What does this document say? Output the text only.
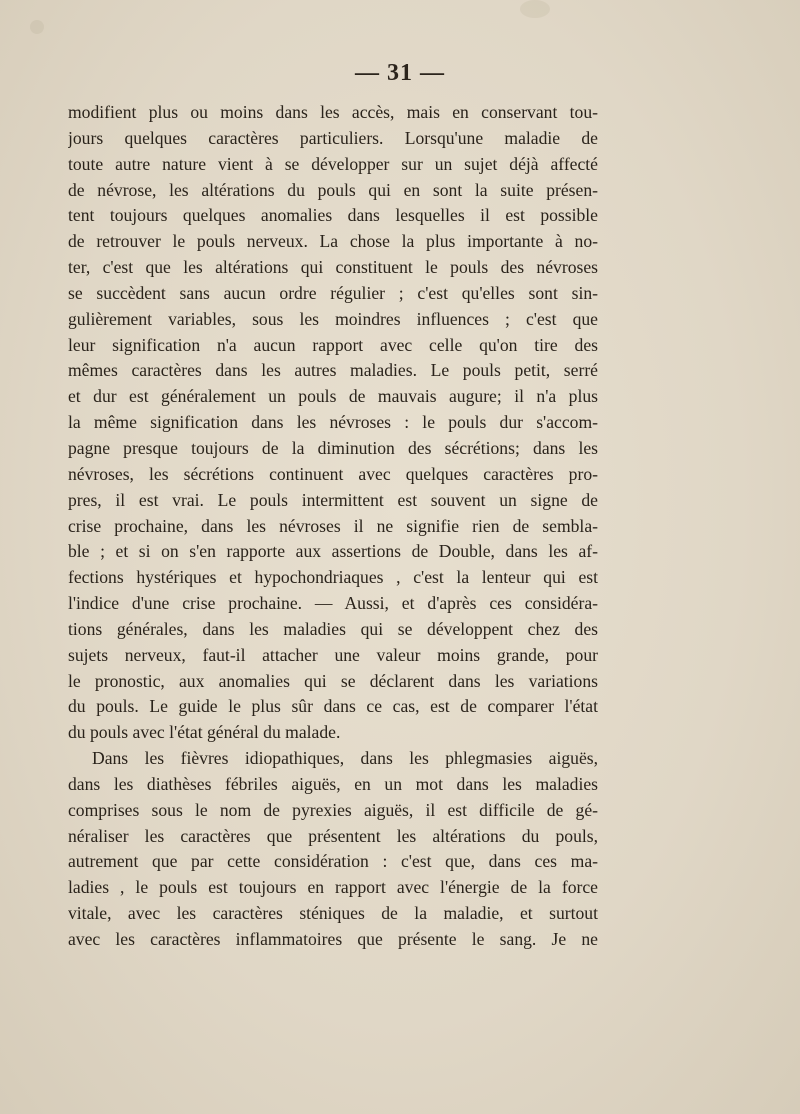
— 31 —
modifient plus ou moins dans les accès, mais en conservant tou-
jours quelques caractères particuliers. Lorsqu'une maladie de
toute autre nature vient à se développer sur un sujet déjà affecté
de névrose, les altérations du pouls qui en sont la suite présen-
tent toujours quelques anomalies dans lesquelles il est possible
de retrouver le pouls nerveux. La chose la plus importante à no-
ter, c'est que les altérations qui constituent le pouls des névroses
se succèdent sans aucun ordre régulier ; c'est qu'elles sont sin-
gulièrement variables, sous les moindres influences ; c'est que
leur signification n'a aucun rapport avec celle qu'on tire des
mêmes caractères dans les autres maladies. Le pouls petit, serré
et dur est généralement un pouls de mauvais augure; il n'a plus
la même signification dans les névroses : le pouls dur s'accom-
pagne presque toujours de la diminution des sécrétions; dans les
névroses, les sécrétions continuent avec quelques caractères pro-
pres, il est vrai. Le pouls intermittent est souvent un signe de
crise prochaine, dans les névroses il ne signifie rien de sembla-
ble ; et si on s'en rapporte aux assertions de Double, dans les af-
fections hystériques et hypochondriaques , c'est la lenteur qui est
l'indice d'une crise prochaine. — Aussi, et d'après ces considéra-
tions générales, dans les maladies qui se développent chez des
sujets nerveux, faut-il attacher une valeur moins grande, pour
le pronostic, aux anomalies qui se déclarent dans les variations
du pouls. Le guide le plus sûr dans ce cas, est de comparer l'état
du pouls avec l'état général du malade.
Dans les fièvres idiopathiques, dans les phlegmasies aiguës,
dans les diathèses fébriles aiguës, en un mot dans les maladies
comprises sous le nom de pyrexies aiguës, il est difficile de gé-
néraliser les caractères que présentent les altérations du pouls,
autrement que par cette considération : c'est que, dans ces ma-
ladies , le pouls est toujours en rapport avec l'énergie de la force
vitale, avec les caractères sténiques de la maladie, et surtout
avec les caractères inflammatoires que présente le sang. Je ne
